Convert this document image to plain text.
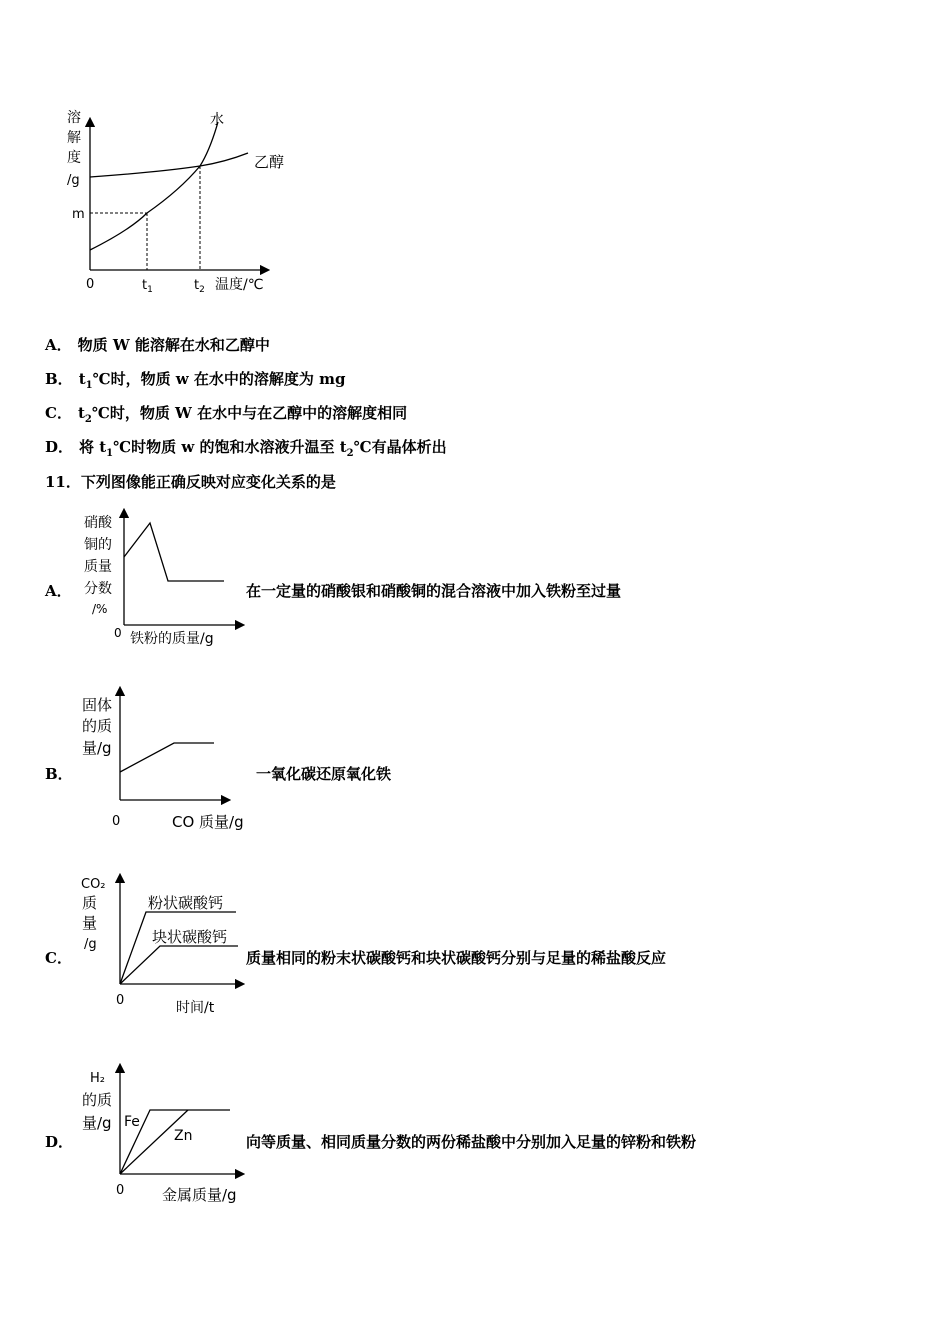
溶
解
度
/g
水
乙醇
m
0	$t_1$	$t_2$ 温度/℃
A． 物质 W 能溶解在水和乙醇中
B． $t_1℃$时，物质 w 在水中的溶解度为 mg
C． $t_2℃$时，物质 W 在水中与在乙醇中的溶解度相同
D． 将 $t_1℃$时物质 w 的饱和水溶液升温至 $t_2℃$有晶体析出
11．下列图像能正确反映对应变化关系的是
A．
硝酸
铜的
质量
分数
/%
0 铁粉的质量/g
在一定量的硝酸银和硝酸铜的混合溶液中加入铁粉至过量
B．
固体
的质
量/g
0	CO 质量/g
一氧化碳还原氧化铁
C．
CO₂
质
量
/g
粉状碳酸钙
块状碳酸钙
0	时间/t
质量相同的粉末状碳酸钙和块状碳酸钙分别与足量的稀盐酸反应
D．
H₂
的质
量/g Fe
Zn
0	金属质量/g
向等质量、相同质量分数的两份稀盐酸中分别加入足量的锌粉和铁粉
